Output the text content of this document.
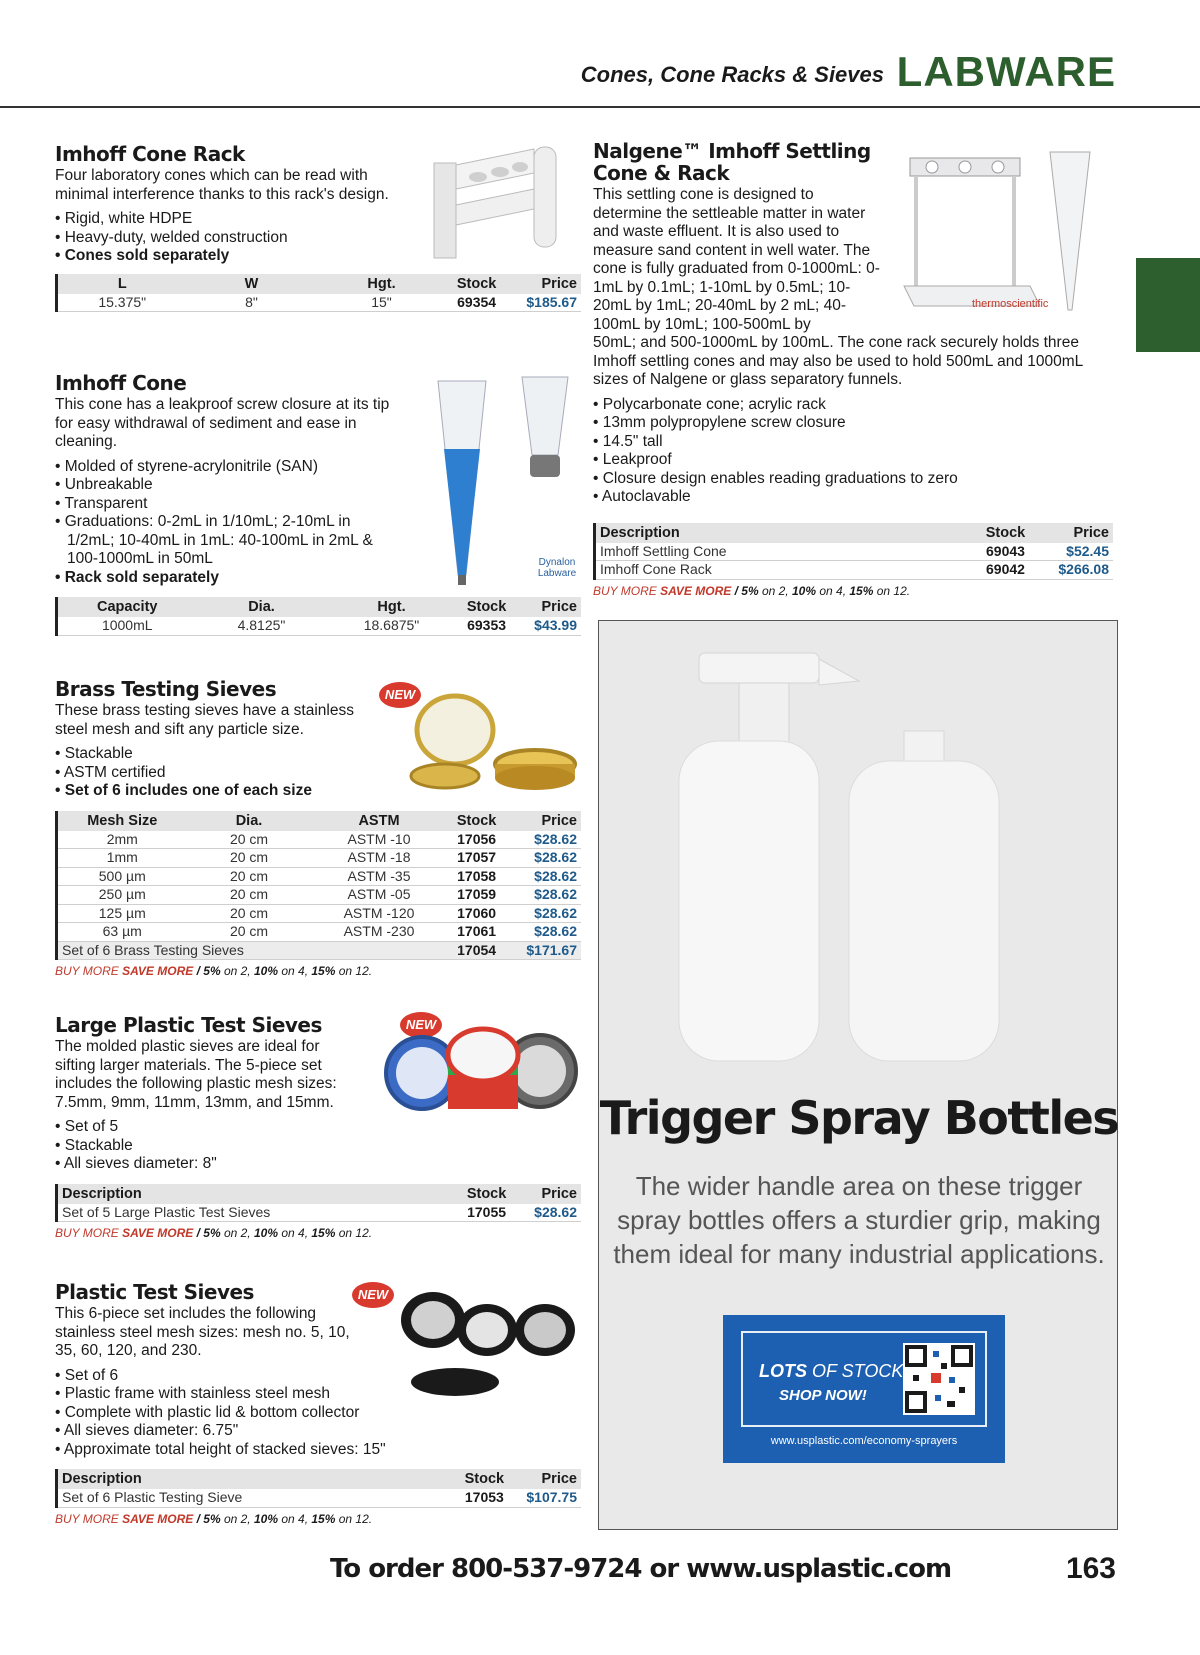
Cones, Cone Racks & Sieves LABWARE
Imhoff Cone Rack
Four laboratory cones which can be read with minimal interference thanks to this rack's design.
• Rigid, white HDPE
• Heavy-duty, welded construction
• Cones sold separately
L	W	Hgt.	Stock	Price
15.375"	8"	15"	69354	$185.67
Imhoff Cone
This cone has a leakproof screw closure at its tip for easy withdrawal of sediment and ease in cleaning.
• Molded of styrene-acrylonitrile (SAN)
• Unbreakable
• Transparent
• Graduations: 0-2mL in 1/10mL; 2-10mL in 1/2mL; 10-40mL in 1mL: 40-100mL in 2mL & 100-1000mL in 50mL
• Rack sold separately
Capacity	Dia.	Hgt.	Stock	Price
1000mL	4.8125"	18.6875"	69353	$43.99
Dynalon Labware
Brass Testing Sieves
These brass testing sieves have a stainless steel mesh and sift any particle size.
• Stackable
• ASTM certified
• Set of 6 includes one of each size
Mesh Size	Dia.	ASTM	Stock	Price
2mm	20 cm	ASTM -10	17056	$28.62
1mm	20 cm	ASTM -18	17057	$28.62
500 µm	20 cm	ASTM -35	17058	$28.62
250 µm	20 cm	ASTM -05	17059	$28.62
125 µm	20 cm	ASTM -120	17060	$28.62
63 µm	20 cm	ASTM -230	17061	$28.62
Set of 6 Brass Testing Sieves			17054	$171.67
BUY MORE SAVE MORE / 5% on 2, 10% on 4, 15% on 12.
NEW
Large Plastic Test Sieves
The molded plastic sieves are ideal for sifting larger materials. The 5-piece set includes the following plastic mesh sizes: 7.5mm, 9mm, 11mm, 13mm, and 15mm.
• Set of 5
• Stackable
• All sieves diameter: 8"
Description	Stock	Price
Set of 5 Large Plastic Test Sieves	17055	$28.62
BUY MORE SAVE MORE / 5% on 2, 10% on 4, 15% on 12.
NEW
Plastic Test Sieves
This 6-piece set includes the following stainless steel mesh sizes: mesh no. 5, 10, 35, 60, 120, and 230.
• Set of 6
• Plastic frame with stainless steel mesh
• Complete with plastic lid & bottom collector
• All sieves diameter: 6.75"
• Approximate total height of stacked sieves: 15"
Description	Stock	Price
Set of 6 Plastic Testing Sieve	17053	$107.75
BUY MORE SAVE MORE / 5% on 2, 10% on 4, 15% on 12.
NEW
Nalgene™ Imhoff Settling Cone & Rack
This settling cone is designed to determine the settleable matter in water and waste effluent. It is also used to measure sand content in well water. The cone is fully graduated from 0-1000mL: 0-1mL by 0.1mL; 1-10mL by 0.5mL; 10-20mL by 1mL; 20-40mL by 2 mL; 40-100mL by 10mL; 100-500mL by
50mL; and 500-1000mL by 100mL. The cone rack securely holds three Imhoff settling cones and may also be used to hold 500mL and 1000mL sizes of Nalgene or glass separatory funnels.
• Polycarbonate cone; acrylic rack
• 13mm polypropylene screw closure
• 14.5" tall
• Leakproof
• Closure design enables reading graduations to zero
• Autoclavable
Description	Stock	Price
Imhoff Settling Cone	69043	$52.45
Imhoff Cone Rack	69042	$266.08
BUY MORE SAVE MORE / 5% on 2, 10% on 4, 15% on 12.
thermoscientific
Trigger Spray Bottles
The wider handle area on these trigger spray bottles offers a sturdier grip, making them ideal for many industrial applications.
LOTS OF STOCK
SHOP NOW!
www.usplastic.com/economy-sprayers
To order 800-537-9724 or www.usplastic.com	163
